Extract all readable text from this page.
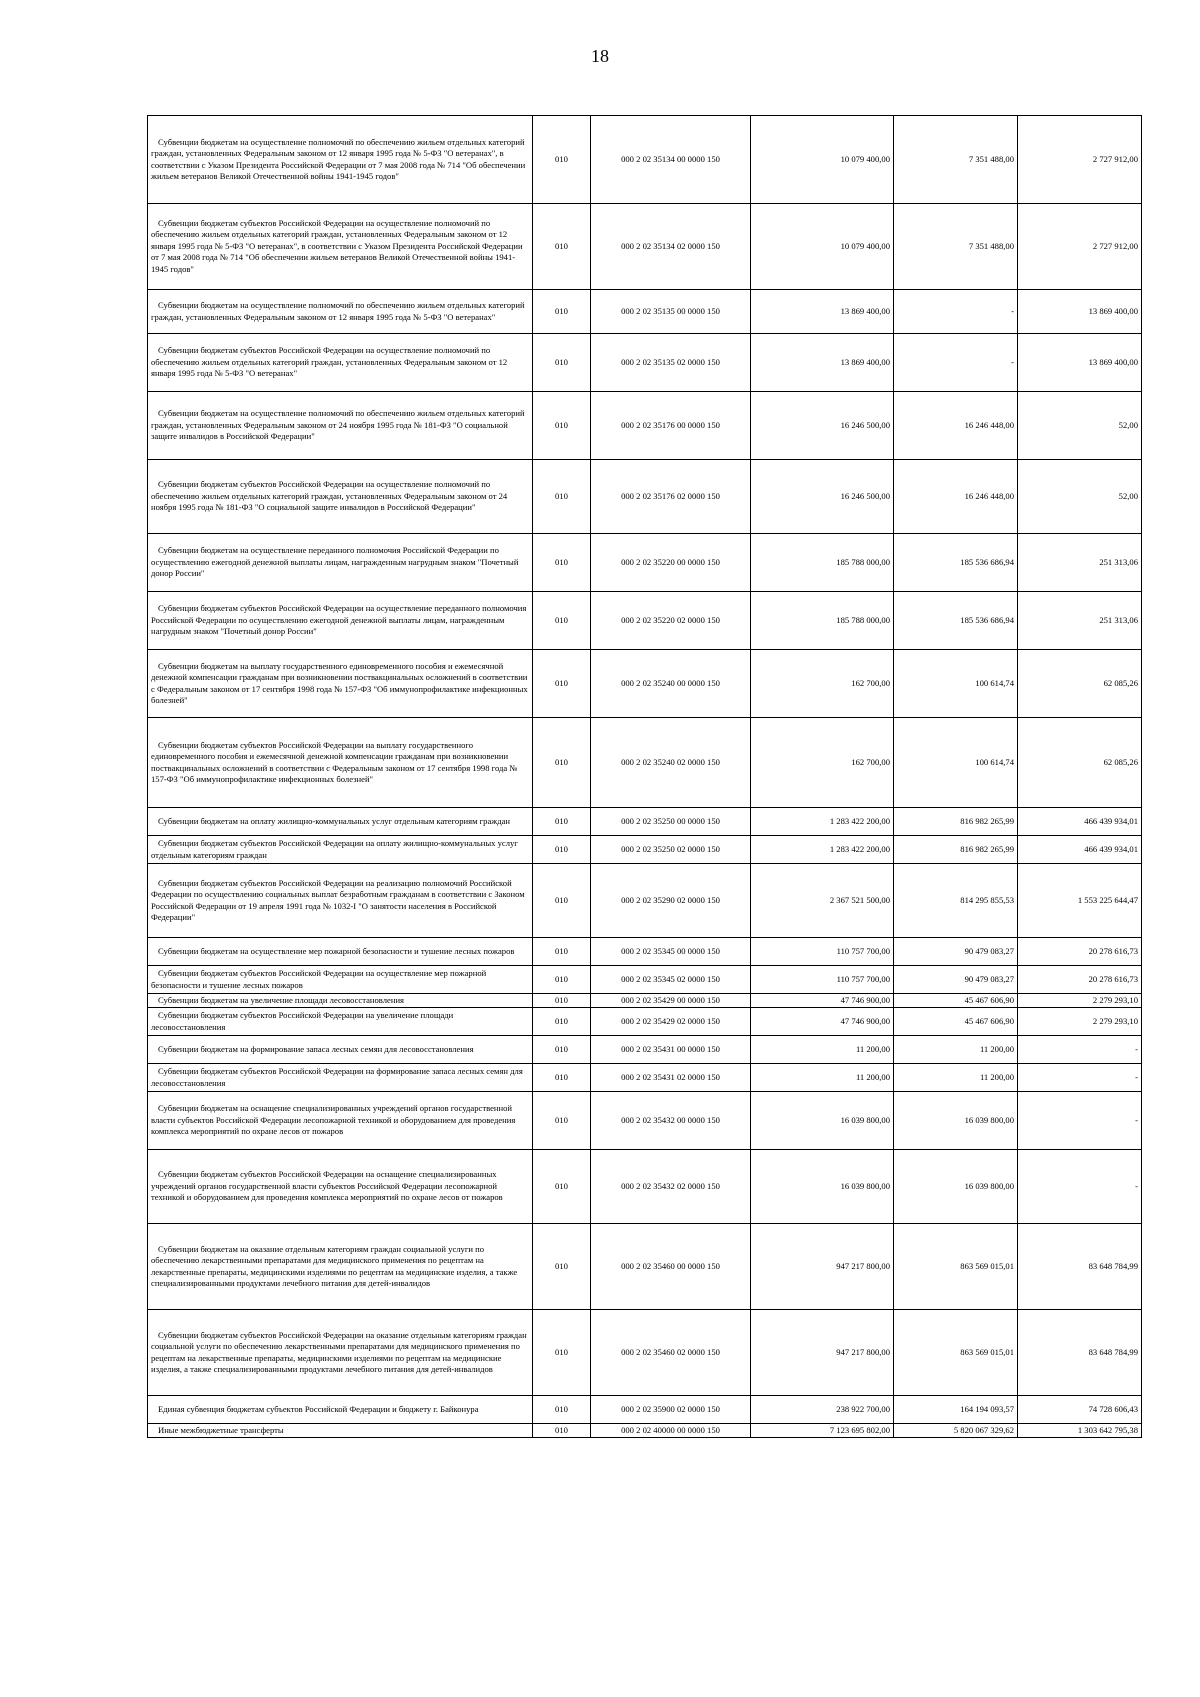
18
Субвенции бюджетам на осуществление полномочий по обеспечению жильем отдельных категорий граждан, установленных Федеральным законом от 12 января 1995 года № 5-ФЗ "О ветеранах", в соответствии с Указом Президента Российской Федерации от 7 мая 2008 года № 714 "Об обеспечении жильем ветеранов Великой Отечественной войны 1941-1945 годов"	010	000 2 02 35134 00 0000 150	10 079 400,00	7 351 488,00	2 727 912,00
Субвенции бюджетам субъектов Российской Федерации на осуществление полномочий по обеспечению жильем отдельных категорий граждан, установленных Федеральным законом от 12 января 1995 года № 5-ФЗ "О ветеранах", в соответствии с Указом Президента Российской Федерации от 7 мая 2008 года № 714 "Об обеспечении жильем ветеранов Великой Отечественной войны 1941-1945 годов"	010	000 2 02 35134 02 0000 150	10 079 400,00	7 351 488,00	2 727 912,00
Субвенции бюджетам на осуществление полномочий по обеспечению жильем отдельных категорий граждан, установленных Федеральным законом от 12 января 1995 года № 5-ФЗ "О ветеранах"	010	000 2 02 35135 00 0000 150	13 869 400,00	-	13 869 400,00
Субвенции бюджетам субъектов Российской Федерации на осуществление полномочий по обеспечению жильем отдельных категорий граждан, установленных Федеральным законом от 12 января 1995 года № 5-ФЗ "О ветеранах"	010	000 2 02 35135 02 0000 150	13 869 400,00	-	13 869 400,00
Субвенции бюджетам на осуществление полномочий по обеспечению жильем отдельных категорий граждан, установленных Федеральным законом от 24 ноября 1995 года № 181-ФЗ "О социальной защите инвалидов в Российской Федерации"	010	000 2 02 35176 00 0000 150	16 246 500,00	16 246 448,00	52,00
Субвенции бюджетам субъектов Российской Федерации на осуществление полномочий по обеспечению жильем отдельных категорий граждан, установленных Федеральным законом от 24 ноября 1995 года № 181-ФЗ "О социальной защите инвалидов в Российской Федерации"	010	000 2 02 35176 02 0000 150	16 246 500,00	16 246 448,00	52,00
Субвенции бюджетам на осуществление переданного полномочия Российской Федерации по осуществлению ежегодной денежной выплаты лицам, награжденным нагрудным знаком "Почетный донор России"	010	000 2 02 35220 00 0000 150	185 788 000,00	185 536 686,94	251 313,06
Субвенции бюджетам субъектов Российской Федерации на осуществление переданного полномочия Российской Федерации по осуществлению ежегодной денежной выплаты лицам, награжденным нагрудным знаком "Почетный донор России"	010	000 2 02 35220 02 0000 150	185 788 000,00	185 536 686,94	251 313,06
Субвенции бюджетам на выплату государственного единовременного пособия и ежемесячной денежной компенсации гражданам при возникновении поствакцинальных осложнений в соответствии с Федеральным законом от 17 сентября 1998 года № 157-ФЗ "Об иммунопрофилактике инфекционных болезней"	010	000 2 02 35240 00 0000 150	162 700,00	100 614,74	62 085,26
Субвенции бюджетам субъектов Российской Федерации на выплату государственного единовременного пособия и ежемесячной денежной компенсации гражданам при возникновении поствакцинальных осложнений в соответствии с Федеральным законом от 17 сентября 1998 года № 157-ФЗ "Об иммунопрофилактике инфекционных болезней"	010	000 2 02 35240 02 0000 150	162 700,00	100 614,74	62 085,26
Субвенции бюджетам на оплату жилищно-коммунальных услуг отдельным категориям граждан	010	000 2 02 35250 00 0000 150	1 283 422 200,00	816 982 265,99	466 439 934,01
Субвенции бюджетам субъектов Российской Федерации на оплату жилищно-коммунальных услуг отдельным категориям граждан	010	000 2 02 35250 02 0000 150	1 283 422 200,00	816 982 265,99	466 439 934,01
Субвенции бюджетам субъектов Российской Федерации на реализацию полномочий Российской Федерации по осуществлению социальных выплат безработным гражданам в соответствии с Законом Российской Федерации от 19 апреля 1991 года № 1032-I "О занятости населения в Российской Федерации"	010	000 2 02 35290 02 0000 150	2 367 521 500,00	814 295 855,53	1 553 225 644,47
Субвенции бюджетам на осуществление мер пожарной безопасности и тушение лесных пожаров	010	000 2 02 35345 00 0000 150	110 757 700,00	90 479 083,27	20 278 616,73
Субвенции бюджетам субъектов Российской Федерации на осуществление мер пожарной безопасности и тушение лесных пожаров	010	000 2 02 35345 02 0000 150	110 757 700,00	90 479 083,27	20 278 616,73
Субвенции бюджетам на увеличение площади лесовосстановления	010	000 2 02 35429 00 0000 150	47 746 900,00	45 467 606,90	2 279 293,10
Субвенции бюджетам субъектов Российской Федерации на увеличение площади лесовосстановления	010	000 2 02 35429 02 0000 150	47 746 900,00	45 467 606,90	2 279 293,10
Субвенции бюджетам на формирование запаса лесных семян для лесовосстановления	010	000 2 02 35431 00 0000 150	11 200,00	11 200,00	-
Субвенции бюджетам субъектов Российской Федерации на формирование запаса лесных семян для лесовосстановления	010	000 2 02 35431 02 0000 150	11 200,00	11 200,00	-
Субвенции бюджетам на оснащение специализированных учреждений органов государственной власти субъектов Российской Федерации лесопожарной техникой и оборудованием для проведения комплекса мероприятий по охране лесов от пожаров	010	000 2 02 35432 00 0000 150	16 039 800,00	16 039 800,00	-
Субвенции бюджетам субъектов Российской Федерации на оснащение специализированных учреждений органов государственной власти субъектов Российской Федерации лесопожарной техникой и оборудованием для проведения комплекса мероприятий по охране лесов от пожаров	010	000 2 02 35432 02 0000 150	16 039 800,00	16 039 800,00	-
Субвенции бюджетам на оказание отдельным категориям граждан социальной услуги по обеспечению лекарственными препаратами для медицинского применения по рецептам на лекарственные препараты, медицинскими изделиями по рецептам на медицинские изделия, а также специализированными продуктами лечебного питания для детей-инвалидов	010	000 2 02 35460 00 0000 150	947 217 800,00	863 569 015,01	83 648 784,99
Субвенции бюджетам субъектов Российской Федерации на оказание отдельным категориям граждан социальной услуги по обеспечению лекарственными препаратами для медицинского применения по рецептам на лекарственные препараты, медицинскими изделиями по рецептам на медицинские изделия, а также специализированными продуктами лечебного питания для детей-инвалидов	010	000 2 02 35460 02 0000 150	947 217 800,00	863 569 015,01	83 648 784,99
Единая субвенция бюджетам субъектов Российской Федерации и бюджету г. Байконура	010	000 2 02 35900 02 0000 150	238 922 700,00	164 194 093,57	74 728 606,43
Иные межбюджетные трансферты	010	000 2 02 40000 00 0000 150	7 123 695 802,00	5 820 067 329,62	1 303 642 795,38
